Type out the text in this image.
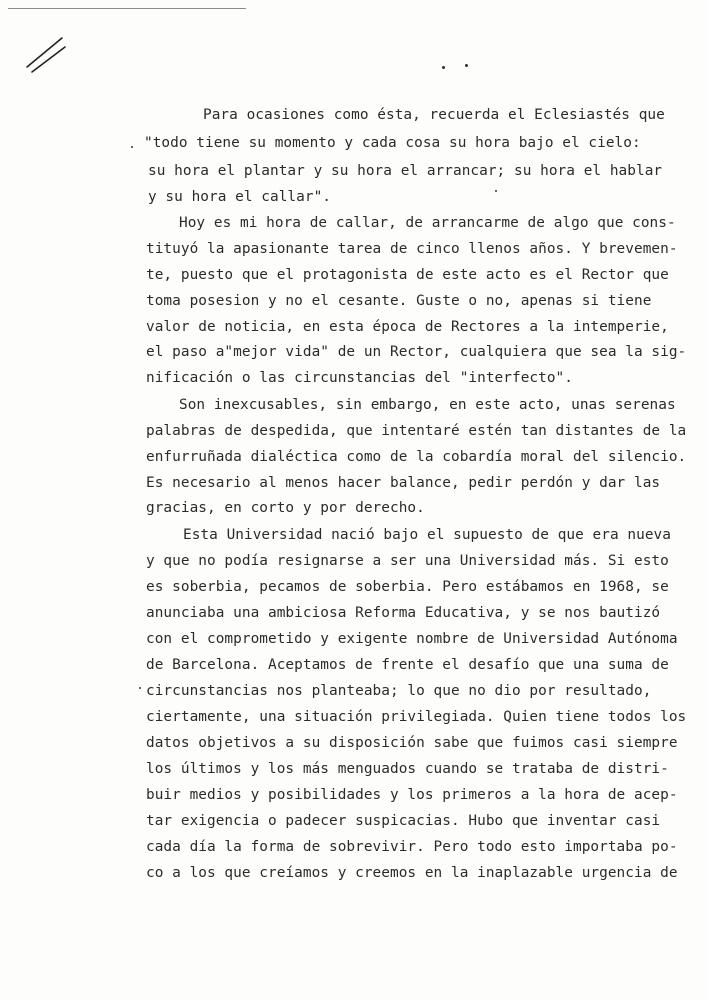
Para ocasiones como ésta, recuerda el Eclesiastés que
"todo tiene su momento y cada cosa su hora bajo el cielo:
su hora el plantar y su hora el arrancar; su hora el hablar
y su hora el callar".
Hoy es mi hora de callar, de arrancarme de algo que cons-
tituyó la apasionante tarea de cinco llenos años. Y brevemen-
te, puesto que el protagonista de este acto es el Rector que
toma posesion y no el cesante. Guste o no, apenas si tiene
valor de noticia, en esta época de Rectores a la intemperie,
el paso a"mejor vida" de un Rector, cualquiera que sea la sig-
nificación o las circunstancias del "interfecto".
Son inexcusables, sin embargo, en este acto, unas serenas
palabras de despedida, que intentaré estén tan distantes de la
enfurruñada dialéctica como de la cobardía moral del silencio.
Es necesario al menos hacer balance, pedir perdón y dar las
gracias, en corto y por derecho.
Esta Universidad nació bajo el supuesto de que era nueva
y que no podía resignarse a ser una Universidad más. Si esto
es soberbia, pecamos de soberbia. Pero estábamos en 1968, se
anunciaba una ambiciosa Reforma Educativa, y se nos bautizó
con el comprometido y exigente nombre de Universidad Autónoma
de Barcelona. Aceptamos de frente el desafío que una suma de
circunstancias nos planteaba; lo que no dio por resultado,
ciertamente, una situación privilegiada. Quien tiene todos los
datos objetivos a su disposición sabe que fuimos casi siempre
los últimos y los más menguados cuando se trataba de distri-
buir medios y posibilidades y los primeros a la hora de acep-
tar exigencia o padecer suspicacias. Hubo que inventar casi
cada día la forma de sobrevivir. Pero todo esto importaba po-
co a los que creíamos y creemos en la inaplazable urgencia de
